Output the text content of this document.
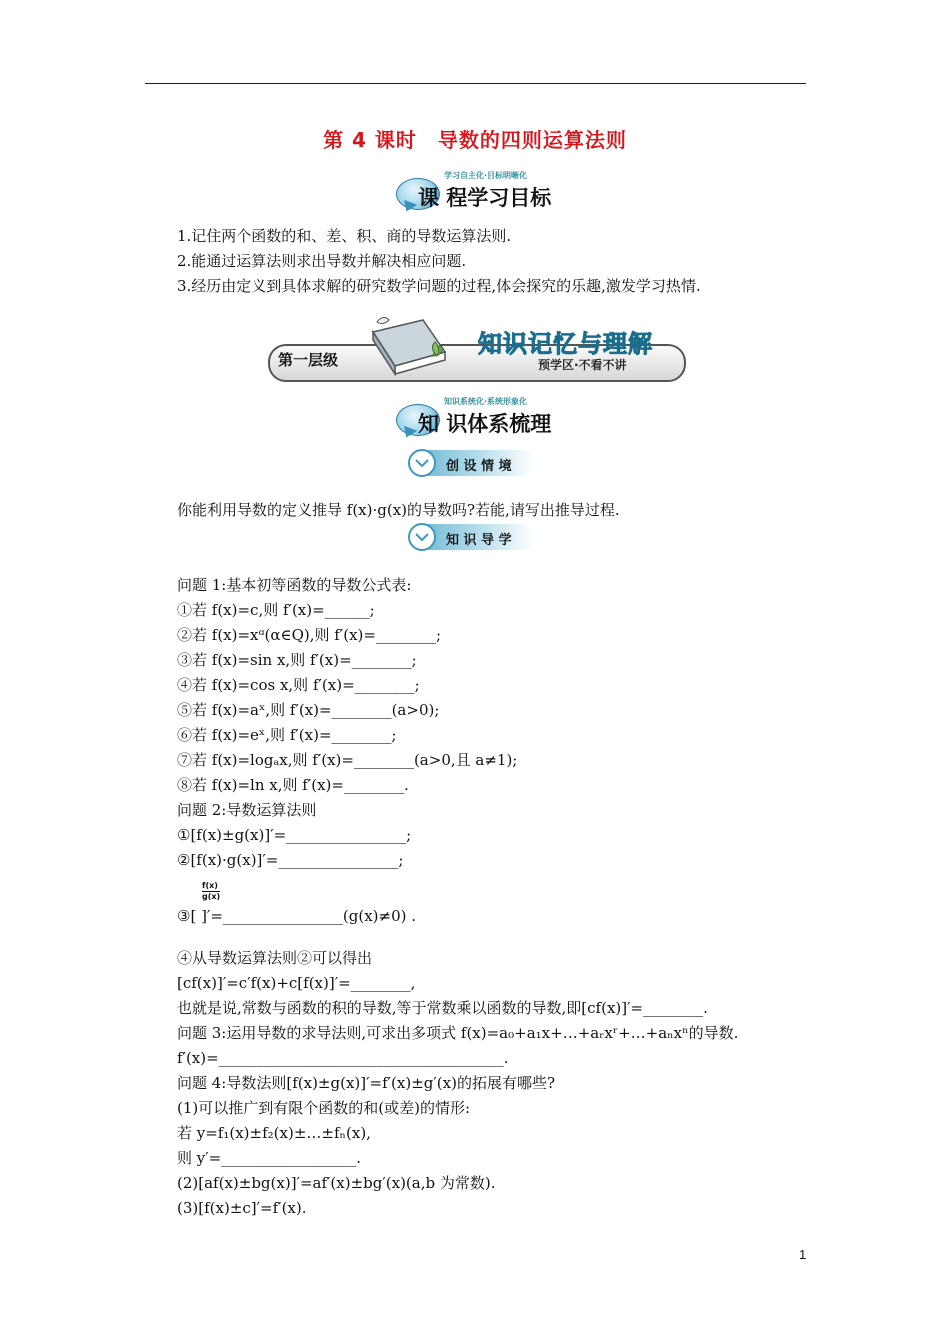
第 4 课时　导数的四则运算法则
学习自主化·目标明晰化
课 程学习目标
1.记住两个函数的和、差、积、商的导数运算法则.
2.能通过运算法则求出导数并解决相应问题.
3.经历由定义到具体求解的研究数学问题的过程,体会探究的乐趣,激发学习热情.
第一层级
知识记忆与理解
预学区·不看不讲
知识系统化·系统形象化
知 识体系梳理
创 设 情 境
你能利用导数的定义推导 f(x)·g(x)的导数吗?若能,请写出推导过程.
知 识 导 学
问题 1:基本初等函数的导数公式表:
①若 f(x)=c,则 f′(x)=______;
②若 f(x)=xᵅ(α∈Q),则 f′(x)=________;
③若 f(x)=sin x,则 f′(x)=________;
④若 f(x)=cos x,则 f′(x)=________;
⑤若 f(x)=aˣ,则 f′(x)=________(a>0);
⑥若 f(x)=eˣ,则 f′(x)=________;
⑦若 f(x)=logₐx,则 f′(x)=________(a>0,且 a≠1);
⑧若 f(x)=ln x,则 f′(x)=________.
问题 2:导数运算法则
①[f(x)±g(x)]′=________________;
②[f(x)·g(x)]′=________________;
$\frac{f(x)}{g(x)}$
③[ ]′=________________(g(x)≠0) .
④从导数运算法则②可以得出
[cf(x)]′=c′f(x)+c[f(x)]′=________,
也就是说,常数与函数的积的导数,等于常数乘以函数的导数,即[cf(x)]′=________.
问题 3:运用导数的求导法则,可求出多项式 f(x)=a₀+a₁x+…+aᵣxʳ+…+aₙxⁿ的导数.
f′(x)=______________________________________.
问题 4:导数法则[f(x)±g(x)]′=f′(x)±g′(x)的拓展有哪些?
(1)可以推广到有限个函数的和(或差)的情形:
若 y=f₁(x)±f₂(x)±…±fₙ(x),
则 y′=__________________.
(2)[af(x)±bg(x)]′=af′(x)±bg′(x)(a,b 为常数).
(3)[f(x)±c]′=f′(x).
1
